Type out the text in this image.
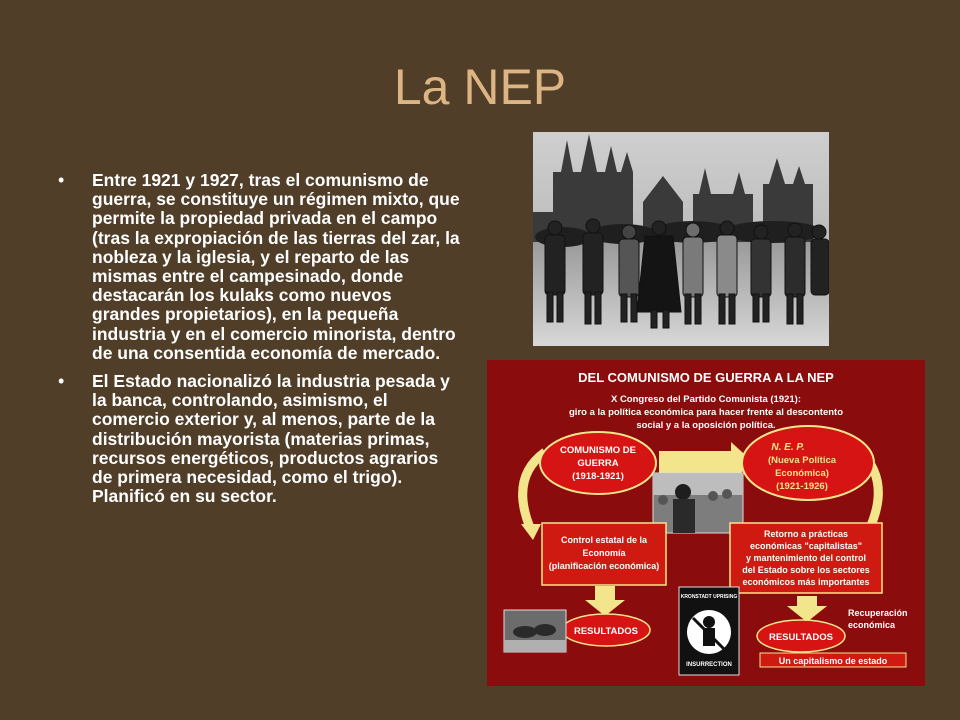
La NEP
• Entre 1921 y 1927, tras el comunismo de guerra, se constituye un régimen mixto, que permite la propiedad privada en el campo (tras la expropiación de las tierras del zar, la nobleza y la iglesia, y el reparto de las mismas entre el campesinado, donde destacarán los kulaks como nuevos grandes propietarios), en la pequeña industria y en el comercio minorista, dentro de una consentida economía de mercado.
• El Estado nacionalizó la industria pesada y la banca, controlando, asimismo, el comercio exterior y, al menos, parte de la distribución mayorista (materias primas, recursos energéticos, productos agrarios de primera necesidad, como el trigo). Planificó en su sector.
DEL COMUNISMO DE GUERRA A LA NEP
X Congreso del Partido Comunista (1921):
giro a la política económica para hacer frente al descontento
social y a la oposición política.
COMUNISMO DE
GUERRA
(1918-1921)
N. E. P.
(Nueva Política
Económica)
(1921-1926)
Control estatal de la
Economía
(planificación económica)
Retorno a prácticas
económicas "capitalistas"
y mantenimiento del control
del Estado sobre los sectores
económicos más importantes
RESULTADOS
KRONSTADT UPRISING
INSURRECTION
RESULTADOS
Recuperación
económica
Un capitalismo de estado
